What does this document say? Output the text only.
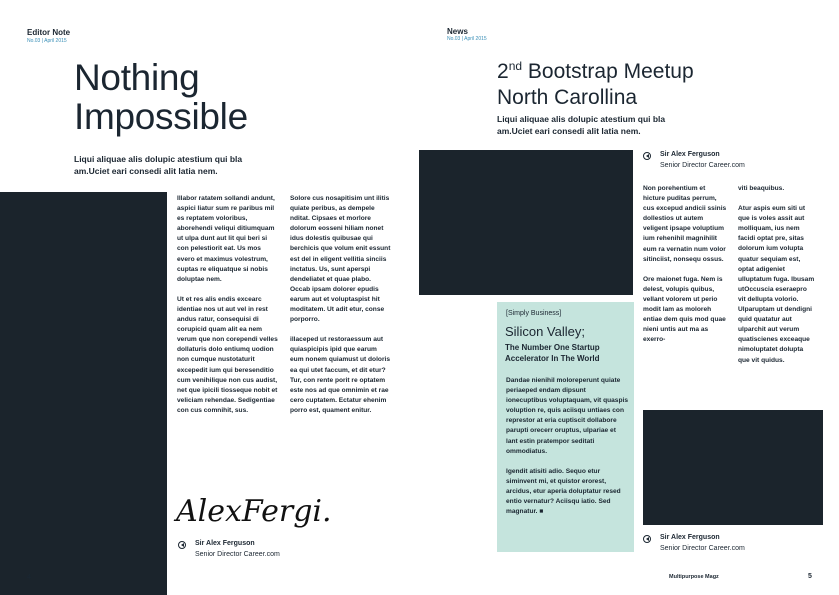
Editor Note
No.03 | April 2015
Nothing
Impossible
Liqui aliquae alis dolupic atestium qui bla
am.Uciet eari consedi alit latia nem.
Illabor ratatem sollandi andunt, aspici liatur sum re paribus mil es reptatem voloribus, aborehendi veliqui ditiumquam ut ulpa dunt aut lit qui beri si con pelestiorit eat. Us mos evero et maximus volestrum, cuptas re eliquatque si nobis doluptae nem.
Ut et res alis endis excearc identiae nos ut aut vel in rest andus ratur, consequisi di corupicid quam alit ea nem verum que non corependi velles dollaturis dolo entiumq uodion non cumque nustotaturit excepedit ium qui beresenditio cum venihilique non cus audist, net que ipicili tiosseque nobit et veliciam rehendae. Sedigentiae con cus comnihit, sus.
Solore cus nosapitisim unt ilitis quiate peribus, as dempele nditat. Cipsaes et morlore dolorum eosseni hiliam nonet idus dolestis quibusae qui berchicis que volum enit essunt est del in eligent vellitia sinciis inctatus. Us, sunt aperspi dendeliatet et quae plabo. Occab ipsam dolorer epudis earum aut et voluptaspist hit moditatem. Ut adit etur, conse porporro.
illaceped ut restoraessum aut quiaspicipis ipid que earum eum nonem quiamust ut doloris ea qui utet faccum, et dit etur? Tur, con rente porit re optatem este nos ad que omnimin et rae cero cuptatem. Ectatur ehenim porro est, quament enitur.
AlexFergi.
Sir Alex Ferguson
Senior Director Career.com
4
News
No.03 | April 2015
2nd Bootstrap Meetup
North Carollina
Liqui aliquae alis dolupic atestium qui bla
am.Uciet eari consedi alit latia nem.
Sir Alex Ferguson
Senior Director Career.com
Non porehentium et hicture puditas perrum, cus excepud andicii ssinis dollestios ut autem veligent ipsape voluptium ium rehenihil magnihilit eum ra vernatin num volor sitinciist, nonsequ ossus.
Ore maionet fuga. Nem is delest, volupis quibus, vellant volorem ut perio modit lam as moloreh entiae dem quis mod quae nieni untis aut ma as exerro-
viti beaquibus.
Atur aspis eum siti ut que is voles assit aut molliquam, ius nem facidi optat pre, sitas dolorum ium volupta quatur sequiam est, optat adigeniet ulluptatum fuga. Ibusam utOccuscia eseraepro vit dellupta volorio. Ulparuptam ut dendigni quid quatatur aut ulparchit aut verum quatiscienes exceaque nimoluptatet dolupta que vit quidus.
[Simply Business]
Silicon Valley;
The Number One Startup
Accelerator In The World
Dandae nienihil moloreperunt quiate periaeped endam dipsunt ionecuptibus voluptaquam, vit quaspis voluption re, quis aciisqu untiaes con represtor at eria cuptiscit dollabore parupti orecerr oruptus, ulpariae et lant estin pratempor seditati ommodiatus.
Igendit atisiti adio. Sequo etur siminvent mi, et quistor erorest, arcidus, etur aperia doluptatur resed entio vernatur? Aciisqu iatio. Sed magnatur. ■
Sir Alex Ferguson
Senior Director Career.com
Multipurpose Magz	5
